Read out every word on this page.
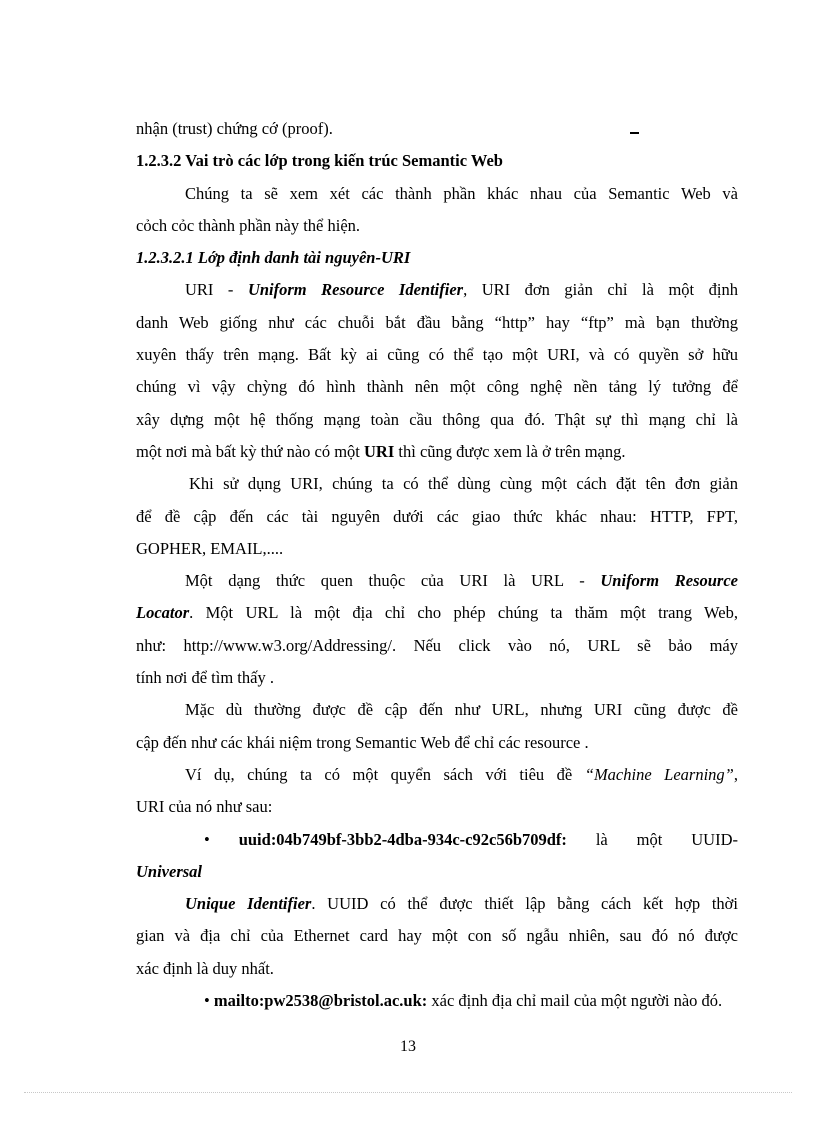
nhận (trust) chứng cớ (proof).
1.2.3.2 Vai trò các lớp trong kiến trúc Semantic Web
Chúng ta sẽ xem xét các thành phần khác nhau của Semantic Web và
cỏch cỏc thành phần này thể hiện.
1.2.3.2.1 Lớp định danh tài nguyên-URI
URI - Uniform Resource Identifier, URI đơn giản chỉ là một định
danh Web giống như các chuỗi bắt đầu bằng “http” hay “ftp” mà bạn thường
xuyên thấy trên mạng. Bất kỳ ai cũng có thể tạo một URI, và có quyền sở hữu
chúng vì vậy chỳng đó hình thành nên một công nghệ nền tảng lý tưởng để
xây dựng một hệ thống mạng toàn cầu thông qua đó. Thật sự thì mạng chỉ là
một nơi mà bất kỳ thứ nào có một URI thì cũng được xem là ở trên mạng.
Khi sử dụng URI, chúng ta có thể dùng cùng một cách đặt tên đơn giản
để đề cập đến các tài nguyên dưới các giao thức khác nhau: HTTP, FPT,
GOPHER, EMAIL,....
Một dạng thức quen thuộc của URI là URL - Uniform Resource
Locator. Một URL là một địa chỉ cho phép chúng ta thăm một trang Web,
như: http://www.w3.org/Addressing/. Nếu click vào nó, URL sẽ bảo máy
tính nơi để tìm thấy .
Mặc dù thường được đề cập đến như URL, nhưng URI cũng được đề
cập đến như các khái niệm trong Semantic Web để chỉ các resource .
Ví dụ, chúng ta có một quyển sách với tiêu đề “Machine Learning”,
URI của nó như sau:
• uuid:04b749bf-3bb2-4dba-934c-c92c56b709df: là một UUID-
Universal
Unique Identifier. UUID có thể được thiết lập bằng cách kết hợp thời
gian và địa chỉ của Ethernet card hay một con số ngẫu nhiên, sau đó nó được
xác định là duy nhất.
• mailto:pw2538@bristol.ac.uk: xác định địa chỉ mail của một người nào đó.
13
